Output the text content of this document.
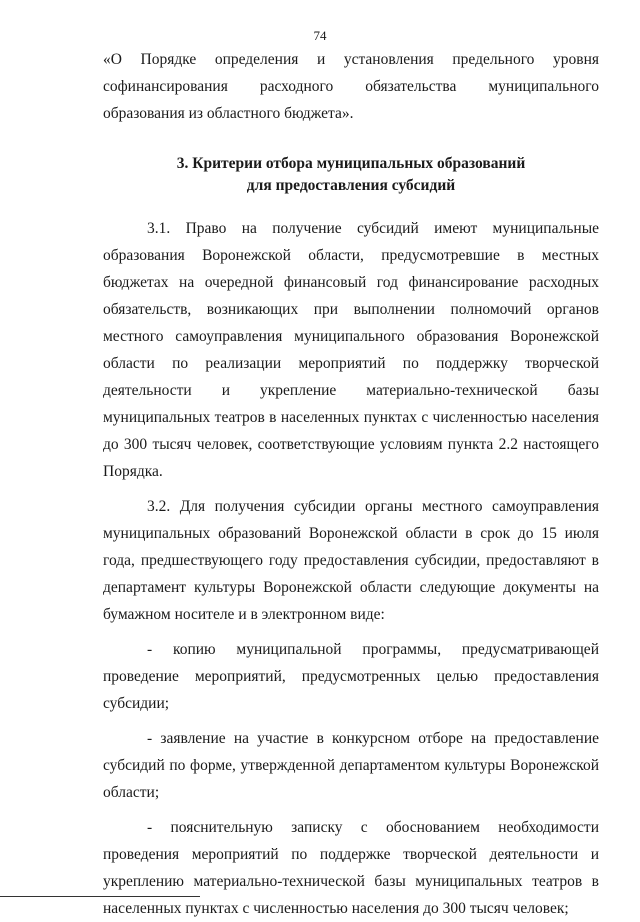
74

«О Порядке определения и установления предельного уровня софинансирования расходного обязательства муниципального образования из областного бюджета».

3. Критерии отбора муниципальных образований
для предоставления субсидий

3.1. Право на получение субсидий имеют муниципальные образования Воронежской области, предусмотревшие в местных бюджетах на очередной финансовый год финансирование расходных обязательств, возникающих при выполнении полномочий органов местного самоуправления муниципального образования Воронежской области по реализации мероприятий по поддержку творческой деятельности и укрепление материально-технической базы муниципальных театров в населенных пунктах с численностью населения до 300 тысяч человек, соответствующие условиям пункта 2.2 настоящего Порядка.

3.2. Для получения субсидии органы местного самоуправления муниципальных образований Воронежской области в срок до 15 июля года, предшествующего году предоставления субсидии, предоставляют в департамент культуры Воронежской области следующие документы на бумажном носителе и в электронном виде:

- копию муниципальной программы, предусматривающей проведение мероприятий, предусмотренных целью предоставления субсидии;

- заявление на участие в конкурсном отборе на предоставление субсидий по форме, утвержденной департаментом культуры Воронежской области;

- пояснительную записку с обоснованием необходимости проведения мероприятий по поддержке творческой деятельности и укреплению материально-технической базы муниципальных театров в населенных пунктах с численностью населения до 300 тысяч человек;
